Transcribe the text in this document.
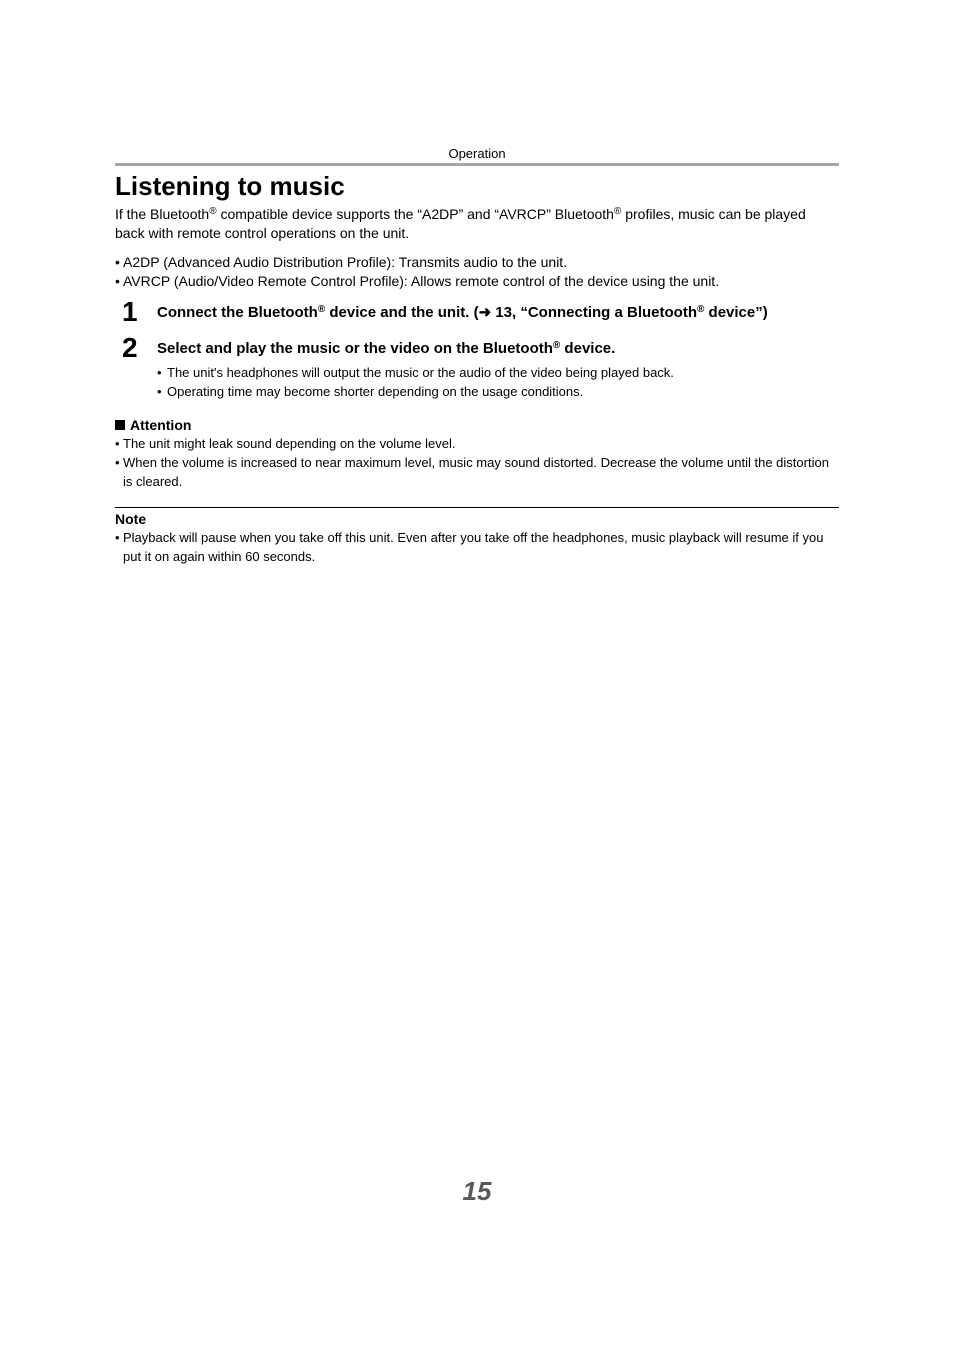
Operation
Listening to music

If the Bluetooth® compatible device supports the “A2DP” and “AVRCP” Bluetooth® profiles, music can be played back with remote control operations on the unit.

• A2DP (Advanced Audio Distribution Profile): Transmits audio to the unit.
• AVRCP (Audio/Video Remote Control Profile): Allows remote control of the device using the unit.
1 Connect the Bluetooth® device and the unit. (➜ 13, “Connecting a Bluetooth® device”)
2 Select and play the music or the video on the Bluetooth® device.
• The unit's headphones will output the music or the audio of the video being played back.
• Operating time may become shorter depending on the usage conditions.
Attention
• The unit might leak sound depending on the volume level.
• When the volume is increased to near maximum level, music may sound distorted. Decrease the volume until the distortion is cleared.
Note
• Playback will pause when you take off this unit. Even after you take off the headphones, music playback will resume if you put it on again within 60 seconds.
15
